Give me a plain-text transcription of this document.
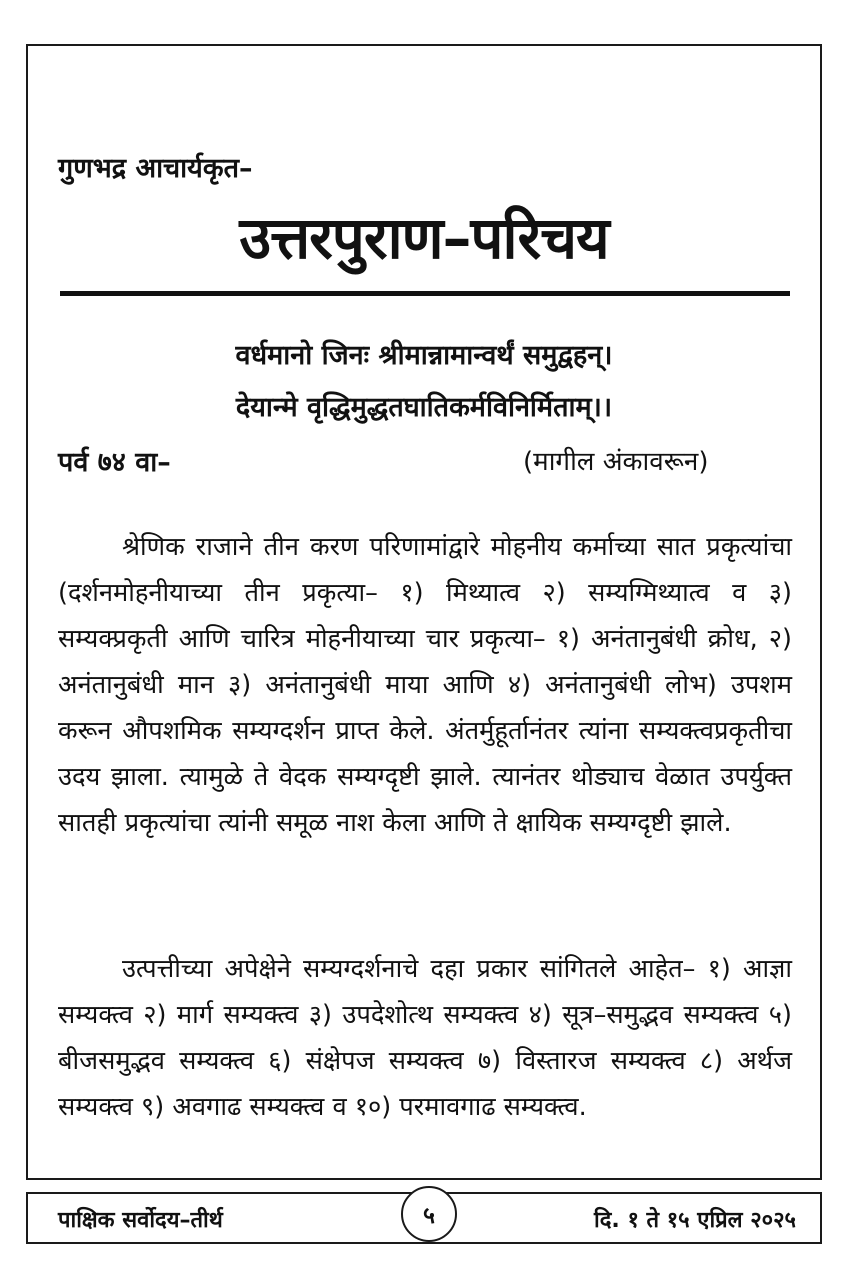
गुणभद्र आचार्यकृत–
उत्तरपुराण–परिचय
वर्धमानो जिनः श्रीमान्नामान्वर्थं समुद्वहन्।
देयान्मे वृद्धिमुद्धतघातिकर्मविनिर्मिताम्।।
पर्व ७४ वा–	(मागील अंकावरून)

श्रेणिक राजाने तीन करण परिणामांद्वारे मोहनीय कर्माच्या सात प्रकृत्यांचा (दर्शनमोहनीयाच्या तीन प्रकृत्या– १) मिथ्यात्व २) सम्यग्मिथ्यात्व व ३) सम्यक्प्रकृती आणि चारित्र मोहनीयाच्या चार प्रकृत्या– १) अनंतानुबंधी क्रोध, २) अनंतानुबंधी मान ३) अनंतानुबंधी माया आणि ४) अनंतानुबंधी लोभ) उपशम करून औपशमिक सम्यग्दर्शन प्राप्त केले. अंतर्मुहूर्तानंतर त्यांना सम्यक्त्वप्रकृतीचा उदय झाला. त्यामुळे ते वेदक सम्यग्दृष्टी झाले. त्यानंतर थोड्याच वेळात उपर्युक्त सातही प्रकृत्यांचा त्यांनी समूळ नाश केला आणि ते क्षायिक सम्यग्दृष्टी झाले.

उत्पत्तीच्या अपेक्षेने सम्यग्दर्शनाचे दहा प्रकार सांगितले आहेत– १) आज्ञा सम्यक्त्व २) मार्ग सम्यक्त्व ३) उपदेशोत्थ सम्यक्त्व ४) सूत्र–समुद्भव सम्यक्त्व ५) बीजसमुद्भव सम्यक्त्व ६) संक्षेपज सम्यक्त्व ७) विस्तारज सम्यक्त्व ८) अर्थज सम्यक्त्व ९) अवगाढ सम्यक्त्व व १०) परमावगाढ सम्यक्त्व.

पाक्षिक सर्वोदय–तीर्थ	५	दि. १ ते १५ एप्रिल २०२५
